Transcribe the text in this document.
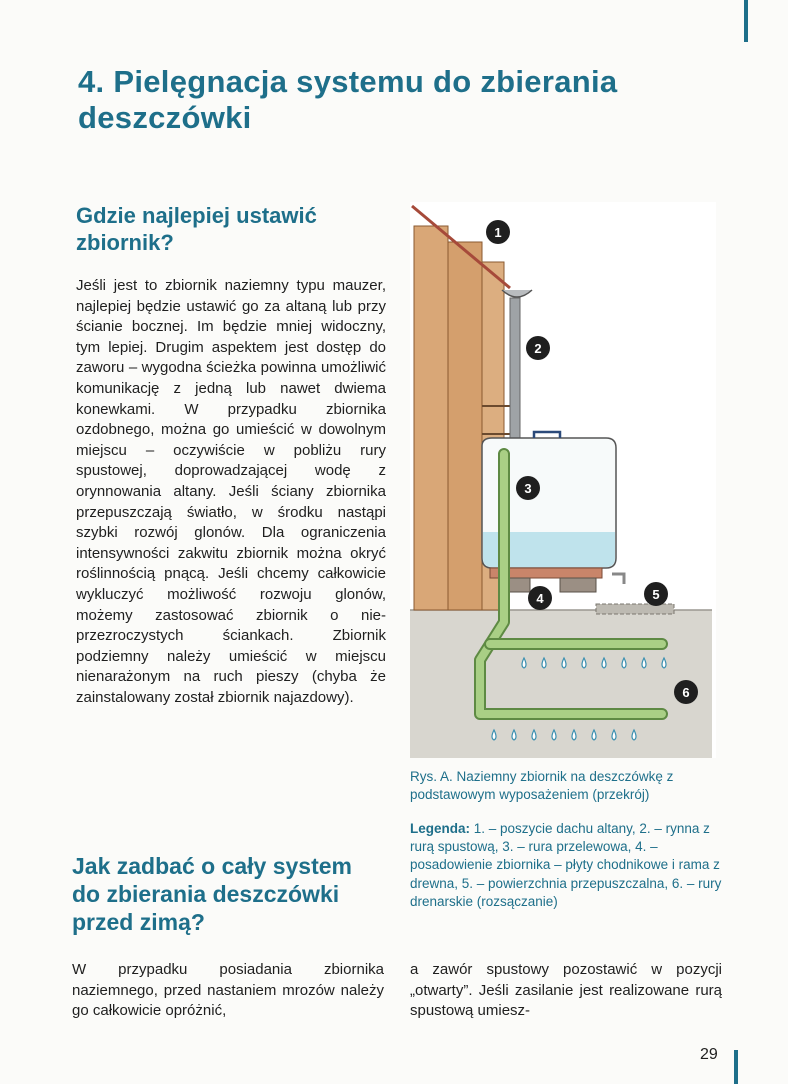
4. Pielęgnacja systemu do zbierania deszczówki
Gdzie najlepiej ustawić zbiornik?

Jeśli jest to zbiornik naziemny typu mauzer, najlepiej będzie ustawić go za altaną lub przy ścianie bocznej. Im będzie mniej widoczny, tym lepiej. Drugim aspektem jest dostęp do zaworu – wygodna ścieżka powinna umożliwić komunikację z jedną lub nawet dwiema konewkami. W przypadku zbiornika ozdobnego, można go umieścić w dowolnym miejscu – oczywiście w pobliżu rury spustowej, doprowadzającej wodę z orynnowania altany. Jeśli ściany zbiornika przepuszczają światło, w środku nastąpi szybki rozwój glonów. Dla ograniczenia intensywności zakwitu zbiornik można okryć roślinnością pnącą. Jeśli chcemy całkowicie wykluczyć możliwość rozwoju glonów, możemy zastosować zbiornik o nieprzezroczystych ściankach. Zbiornik podziemny należy umieścić w miejscu nienarażonym na ruch pieszy (chyba że zainstalowany został zbiornik najazdowy).

Jak zadbać o cały system do zbierania deszczówki przed zimą?

W przypadku posiadania zbiornika naziemnego, przed nastaniem mrozów należy go całkowicie opróżnić,

a zawór spustowy pozostawić w pozycji „otwarty”. Jeśli zasilanie jest realizowane rurą spustową umiesz-

1
2
3
4	5
6

Rys. A. Naziemny zbiornik na deszczówkę z podstawowym wyposażeniem (przekrój)

Legenda: 1. – poszycie dachu altany, 2. – rynna z rurą spustową, 3. – rura przelewowa, 4. – posadowienie zbiornika – płyty chodnikowe i rama z drewna, 5. – powierzchnia przepuszczalna, 6. – rury drenarskie (rozsączanie)

29
